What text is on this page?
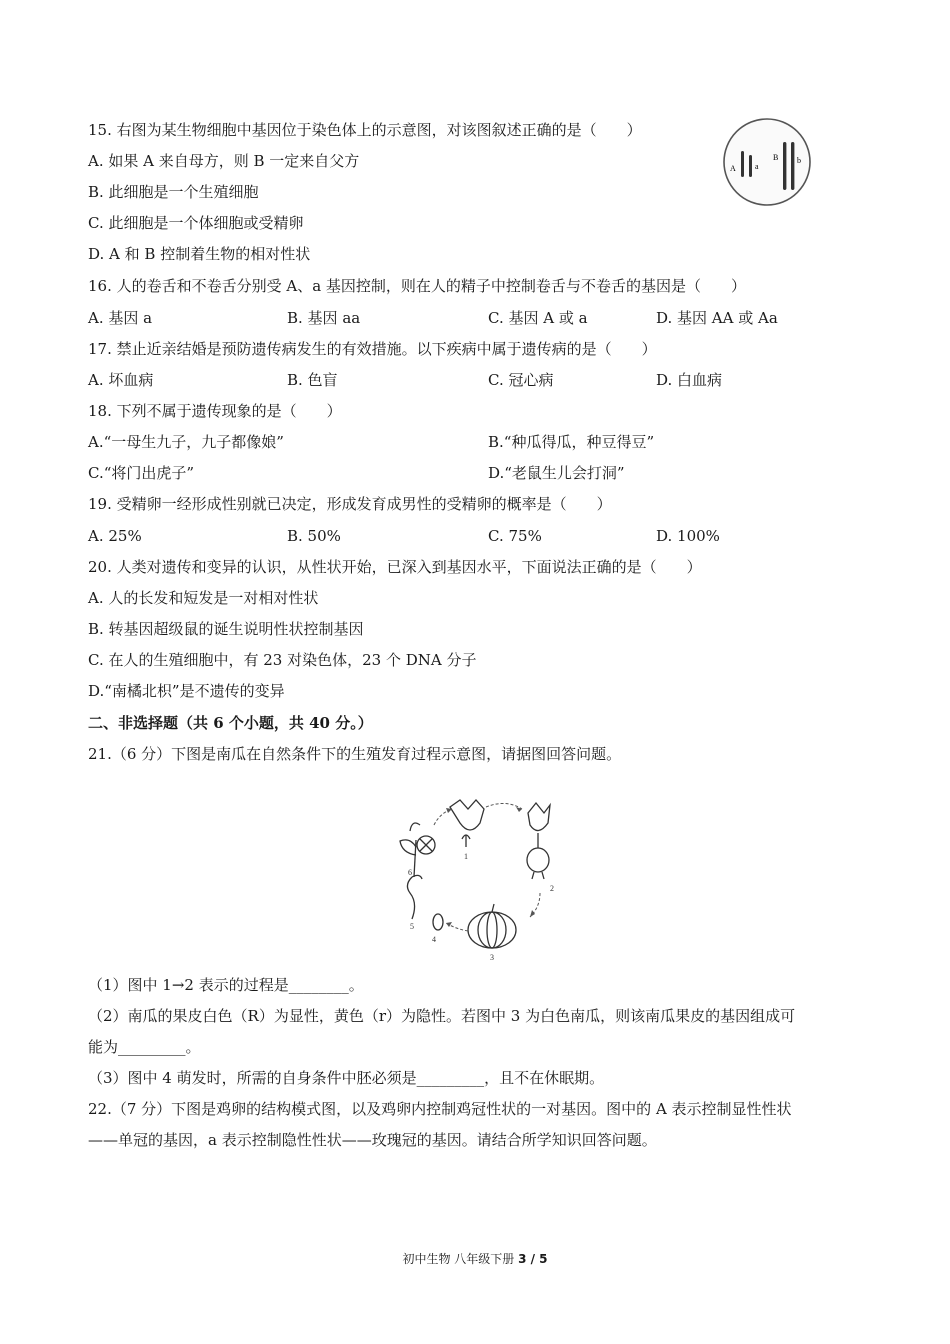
15. 右图为某生物细胞中基因位于染色体上的示意图，对该图叙述正确的是（　　）
A. 如果 A 来自母方，则 B 一定来自父方
B. 此细胞是一个生殖细胞
C. 此细胞是一个体细胞或受精卵
D. A 和 B 控制着生物的相对性状
A a
B b
16. 人的卷舌和不卷舌分别受 A、a 基因控制，则在人的精子中控制卷舌与不卷舌的基因是（　　）
A. 基因 a	B. 基因 aa	C. 基因 A 或 a	D. 基因 AA 或 Aa
17. 禁止近亲结婚是预防遗传病发生的有效措施。以下疾病中属于遗传病的是（　　）
A. 坏血病	B. 色盲	C. 冠心病	D. 白血病
18. 下列不属于遗传现象的是（　　）
A.“一母生九子，九子都像娘”	B.“种瓜得瓜，种豆得豆”
C.“将门出虎子”	D.“老鼠生儿会打洞”
19. 受精卵一经形成性别就已决定，形成发育成男性的受精卵的概率是（　　）
A. 25%	B. 50%	C. 75%	D. 100%
20. 人类对遗传和变异的认识，从性状开始，已深入到基因水平，下面说法正确的是（　　）
A. 人的长发和短发是一对相对性状
B. 转基因超级鼠的诞生说明性状控制基因
C. 在人的生殖细胞中，有 23 对染色体，23 个 DNA 分子
D.“南橘北枳”是不遗传的变异
二、非选择题（共 6 个小题，共 40 分。）
21.（6 分）下图是南瓜在自然条件下的生殖发育过程示意图，请据图回答问题。
1
2
3
4
5
6
（1）图中 1→2 表示的过程是________。
（2）南瓜的果皮白色（R）为显性，黄色（r）为隐性。若图中 3 为白色南瓜，则该南瓜果皮的基因组成可
能为_________。
（3）图中 4 萌发时，所需的自身条件中胚必须是_________，且不在休眠期。
22.（7 分）下图是鸡卵的结构模式图，以及鸡卵内控制鸡冠性状的一对基因。图中的 A 表示控制显性性状
——单冠的基因，a 表示控制隐性性状——玫瑰冠的基因。请结合所学知识回答问题。
初中生物 八年级下册 3 / 5
